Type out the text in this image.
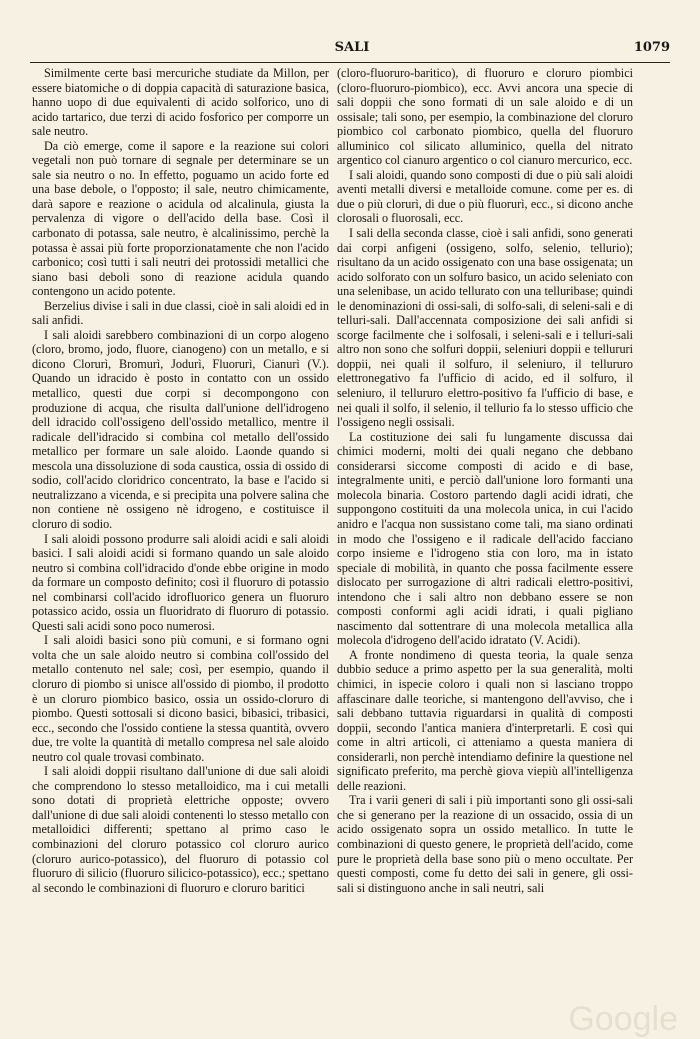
SALI	1079

Similmente certe basi mercuriche studiate da Millon, per essere biatomiche o di doppia capacità di saturazione basica, hanno uopo di due equivalenti di acido solforico, uno di acido tartarico, due terzi di acido fosforico per comporre un sale neutro.

Da ciò emerge, come il sapore e la reazione sui colori vegetali non può tornare di segnale per determinare se un sale sia neutro o no. In effetto, poguamo un acido forte ed una base debole, o l'opposto; il sale, neutro chimicamente, darà sapore e reazione o acidula od alcalinula, giusta la pervalenza di vigore o dell'acido della base. Così il carbonato di potassa, sale neutro, è alcalinissimo, perchè la potassa è assai più forte proporzionatamente che non l'acido carbonico; così tutti i sali neutri dei protossidi metallici che siano basi deboli sono di reazione acidula quando contengono un acido potente.

Berzelius divise i sali in due classi, cioè in sali aloidi ed in sali anfidi.

I sali aloidi sarebbero combinazioni di un corpo alogeno (cloro, bromo, jodo, fluore, cianogeno) con un metallo, e si dicono Clorurì, Bromurì, Jodurì, Fluorurì, Cianurì (V.). Quando un idracido è posto in contatto con un ossido metallico, questi due corpi si decompongono con produzione di acqua, che risulta dall'unione dell'idrogeno dell idracido coll'ossigeno dell'ossido metallico, mentre il radicale dell'idracido si combina col metallo dell'ossido metallico per formare un sale aloido. Laonde quando si mescola una dissoluzione di soda caustica, ossia di ossido di sodio, coll'acido cloridrico concentrato, la base e l'acido si neutralizzano a vicenda, e si precipita una polvere salina che non contiene nè ossigeno nè idrogeno, e costituisce il cloruro di sodio.

I sali aloidi possono produrre sali aloidi acidi e sali aloidi basici. I sali aloidi acidi si formano quando un sale aloido neutro si combina coll'idracido d'onde ebbe origine in modo da formare un composto definito; così il fluoruro di potassio nel combinarsi coll'acido idrofluorico genera un fluoruro potassico acido, ossia un fluoridrato di fluoruro di potassio. Questi sali acidi sono poco numerosi.

I sali aloidi basici sono più comuni, e si formano ogni volta che un sale aloido neutro si combina coll'ossido del metallo contenuto nel sale; così, per esempio, quando il cloruro di piombo si unisce all'ossido di piombo, il prodotto è un cloruro piombico basico, ossia un ossido-cloruro di piombo. Questi sottosali si dicono basici, bibasici, tribasici, ecc., secondo che l'ossido contiene la stessa quantità, ovvero due, tre volte la quantità di metallo compresa nel sale aloido neutro col quale trovasi combinato.

I sali aloidi doppii risultano dall'unione di due sali aloidi che comprendono lo stesso metalloidico, ma i cui metalli sono dotati di proprietà elettriche opposte; ovvero dall'unione di due sali aloidi contenenti lo stesso metallo con metalloidici differenti; spettano al primo caso le combinazioni del cloruro potassico col cloruro aurico (cloruro aurico-potassico), del fluoruro di potassio col fluoruro di silicio (fluoruro silicico-potassico), ecc.; spettano al secondo le combinazioni di fluoruro e cloruro baritici

(cloro-fluoruro-baritico), di fluoruro e cloruro piombici (cloro-fluoruro-piombico), ecc. Avvi ancora una specie di sali doppii che sono formati di un sale aloido e di un ossisale; tali sono, per esempio, la combinazione del cloruro piombico col carbonato piombico, quella del fluoruro alluminico col silicato alluminico, quella del nitrato argentico col cianuro argentico o col cianuro mercurico, ecc.

I sali aloidi, quando sono composti di due o più sali aloidi aventi metalli diversi e metalloide comune. come per es. di due o più clorurì, di due o più fluorurì, ecc., si dicono anche clorosali o fluorosali, ecc.

I sali della seconda classe, cioè i sali anfidi, sono generati dai corpi anfigeni (ossigeno, solfo, selenio, tellurio); risultano da un acido ossigenato con una base ossigenata; un acido solforato con un solfuro basico, un acido seleniato con una selenibase, un acido tellurato con una telluribase; quindi le denominazioni di ossi-sali, di solfo-sali, di seleni-sali e di telluri-sali. Dall'accennata composizione dei sali anfidi si scorge facilmente che i solfosali, i seleni-sali e i telluri-sali altro non sono che solfuri doppii, seleniuri doppii e tellururi doppii, nei quali il solfuro, il seleniuro, il tellururo elettronegativo fa l'ufficio di acido, ed il solfuro, il seleniuro, il tellururo elettro-positivo fa l'ufficio di base, e nei quali il solfo, il selenio, il tellurio fa lo stesso ufficio che l'ossigeno negli ossisali.

La costituzione dei sali fu lungamente discussa dai chimici moderni, molti dei quali negano che debbano considerarsi siccome composti di acido e di base, integralmente uniti, e perciò dall'unione loro formanti una molecola binaria. Costoro partendo dagli acidi idrati, che suppongono costituiti da una molecola unica, in cui l'acido anidro e l'acqua non sussistano come tali, ma siano ordinati in modo che l'ossigeno e il radicale dell'acido facciano corpo insieme e l'idrogeno stia con loro, ma in istato speciale di mobilità, in quanto che possa facilmente essere dislocato per surrogazione di altri radicali elettro-positivi, intendono che i sali altro non debbano essere se non composti conformi agli acidi idrati, i quali pigliano nascimento dal sottentrare di una molecola metallica alla molecola d'idrogeno dell'acido idratato (V. Acidi).

A fronte nondimeno di questa teoria, la quale senza dubbio seduce a primo aspetto per la sua generalità, molti chimici, in ispecie coloro i quali non si lasciano troppo affascinare dalle teoriche, si mantengono dell'avviso, che i sali debbano tuttavia riguardarsi in qualità di composti doppii, secondo l'antica maniera d'interpretarli. E così qui come in altri articoli, ci atteniamo a questa maniera di considerarli, non perchè intendiamo definire la questione nel significato preferito, ma perchè giova viepiù all'intelligenza delle reazioni.

Tra i varii generi di sali i più importanti sono gli ossi-sali che si generano per la reazione di un ossacido, ossia di un acido ossigenato sopra un ossido metallico. In tutte le combinazioni di questo genere, le proprietà dell'acido, come pure le proprietà della base sono più o meno occultate. Per questi composti, come fu detto dei sali in genere, gli ossi-sali si distinguono anche in sali neutri, sali

Google
